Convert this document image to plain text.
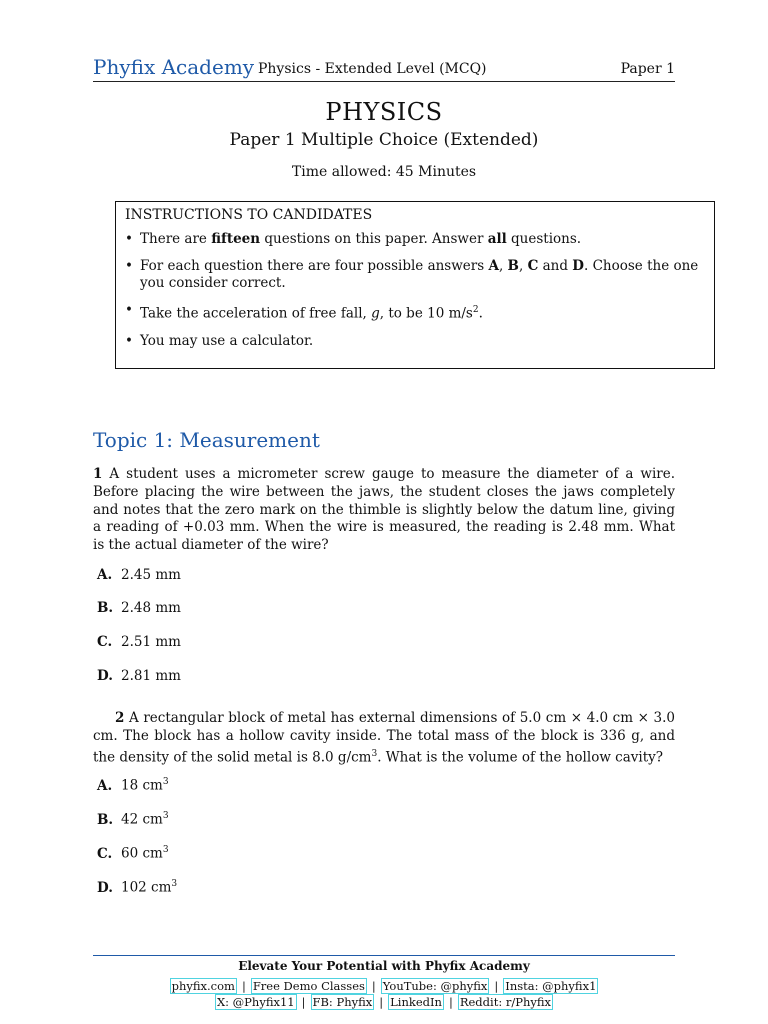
Phyfix Academy Physics - Extended Level (MCQ)	Paper 1
PHYSICS
Paper 1 Multiple Choice (Extended)
Time allowed: 45 Minutes
INSTRUCTIONS TO CANDIDATES
• There are fifteen questions on this paper. Answer all questions.
• For each question there are four possible answers A, B, C and D. Choose the one you consider correct.
• Take the acceleration of free fall, g, to be 10 $m/s^2$.
• You may use a calculator.
Topic 1: Measurement
1 A student uses a micrometer screw gauge to measure the diameter of a wire. Before placing the wire between the jaws, the student closes the jaws completely and notes that the zero mark on the thimble is slightly below the datum line, giving a reading of +0.03 mm. When the wire is measured, the reading is 2.48 mm. What is the actual diameter of the wire?
A. 2.45 mm
B. 2.48 mm
C. 2.51 mm
D. 2.81 mm
2 A rectangular block of metal has external dimensions of 5.0 cm × 4.0 cm × 3.0 cm. The block has a hollow cavity inside. The total mass of the block is 336 g, and the density of the solid metal is 8.0 $g/cm^3$. What is the volume of the hollow cavity?
A. 18 $cm^3$
B. 42 $cm^3$
C. 60 $cm^3$
D. 102 $cm^3$
Elevate Your Potential with Phyfix Academy
phyfix.com | Free Demo Classes | YouTube: @phyfix | Insta: @phyfix1
X: @Phyfix11 | FB: Phyfix | LinkedIn | Reddit: r/Phyfix
